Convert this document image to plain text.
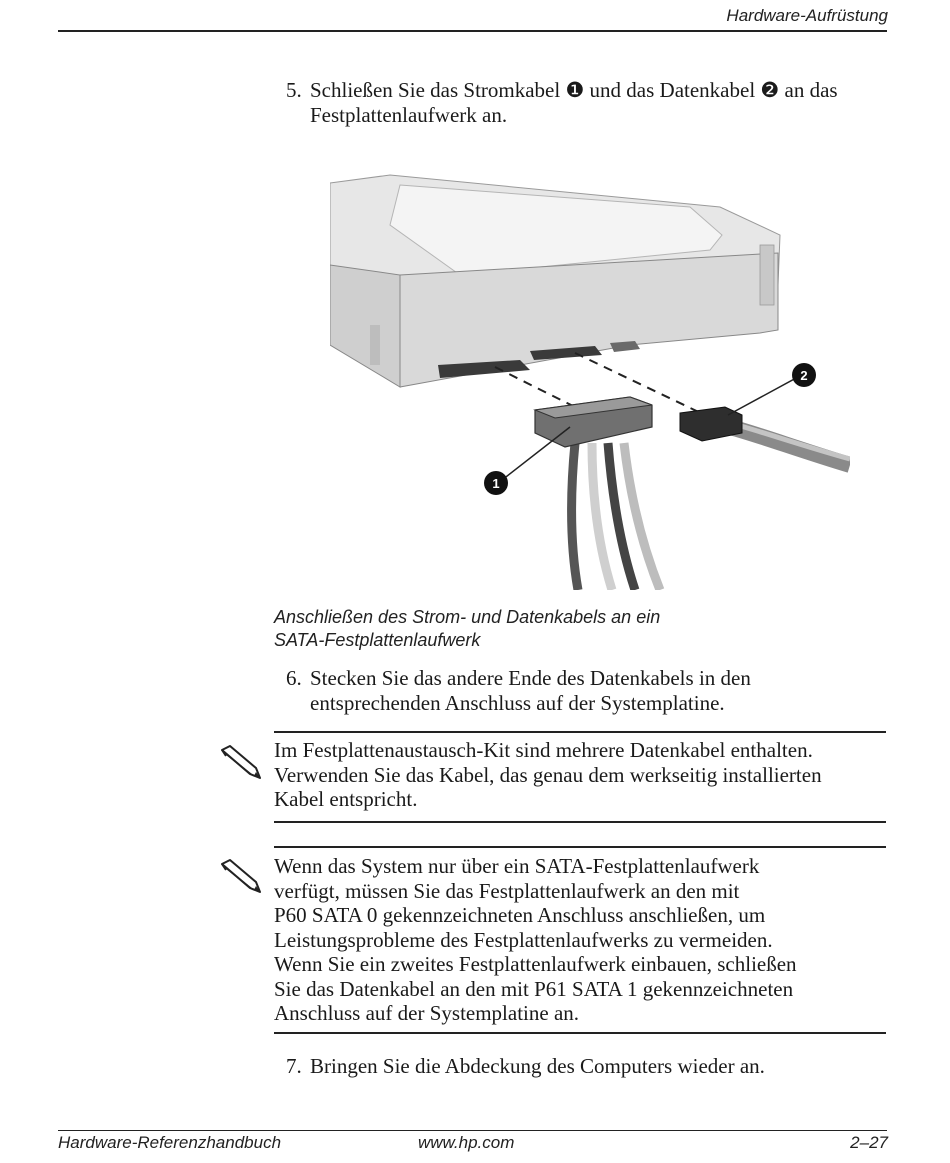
Hardware-Aufrüstung
5. Schließen Sie das Stromkabel ❶ und das Datenkabel ❷ an das
Festplattenlaufwerk an.
1
2
Anschließen des Strom- und Datenkabels an ein
SATA-Festplattenlaufwerk
6. Stecken Sie das andere Ende des Datenkabels in den
entsprechenden Anschluss auf der Systemplatine.
Im Festplattenaustausch-Kit sind mehrere Datenkabel enthalten.
Verwenden Sie das Kabel, das genau dem werkseitig installierten
Kabel entspricht.
Wenn das System nur über ein SATA-Festplattenlaufwerk
verfügt, müssen Sie das Festplattenlaufwerk an den mit
P60 SATA 0 gekennzeichneten Anschluss anschließen, um
Leistungsprobleme des Festplattenlaufwerks zu vermeiden.
Wenn Sie ein zweites Festplattenlaufwerk einbauen, schließen
Sie das Datenkabel an den mit P61 SATA 1 gekennzeichneten
Anschluss auf der Systemplatine an.
7. Bringen Sie die Abdeckung des Computers wieder an.
Hardware-Referenzhandbuch	www.hp.com	2–27
